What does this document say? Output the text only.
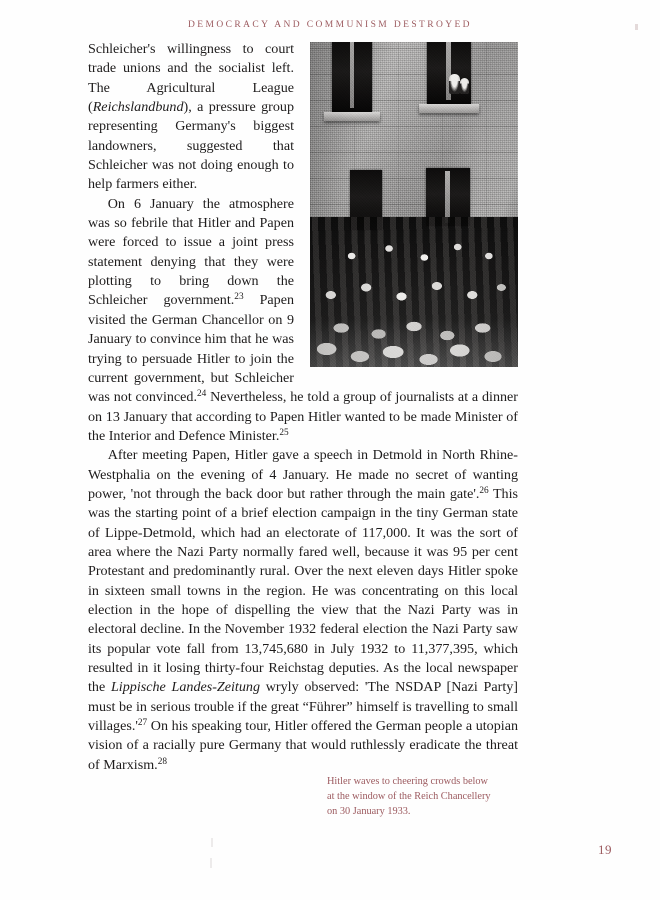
DEMOCRACY AND COMMUNISM DESTROYED

Schleicher's willingness to court trade unions and the socialist left. The Agricultural League (Reichslandbund), a pressure group representing Germany's biggest landowners, suggested that Schleicher was not doing enough to help farmers either.

On 6 January the atmosphere was so febrile that Hitler and Papen were forced to issue a joint press statement denying that they were plotting to bring down the Schleicher government.$^{23}$ Papen visited the German Chancellor on 9 January to convince him that he was trying to persuade Hitler to join the current government, but Schleicher was not convinced.$^{24}$ Nevertheless, he told a group of journalists at a dinner on 13 January that according to Papen Hitler wanted to be made Minister of the Interior and Defence Minister.$^{25}$

After meeting Papen, Hitler gave a speech in Detmold in North Rhine-Westphalia on the evening of 4 January. He made no secret of wanting power, 'not through the back door but rather through the main gate'.$^{26}$ This was the starting point of a brief election campaign in the tiny German state of Lippe-Detmold, which had an electorate of 117,000. It was the sort of area where the Nazi Party normally fared well, because it was 95 per cent Protestant and predominantly rural. Over the next eleven days Hitler spoke in sixteen small towns in the region. He was concentrating on this local election in the hope of dispelling the view that the Nazi Party was in electoral decline. In the November 1932 federal election the Nazi Party saw its popular vote fall from 13,745,680 in July 1932 to 11,377,395, which resulted in it losing thirty-four Reichstag deputies. As the local newspaper the Lippische Landes-Zeitung wryly observed: 'The NSDAP [Nazi Party] must be in serious trouble if the great “Führer” himself is travelling to small $villages.'^{27}$ On his speaking tour, Hitler offered the German people a utopian vision of a racially pure Germany that would ruthlessly eradicate the threat of Marxism.$^{28}$

Hitler waves to cheering crowds below
at the window of the Reich Chancellery
on 30 January 1933.
19
